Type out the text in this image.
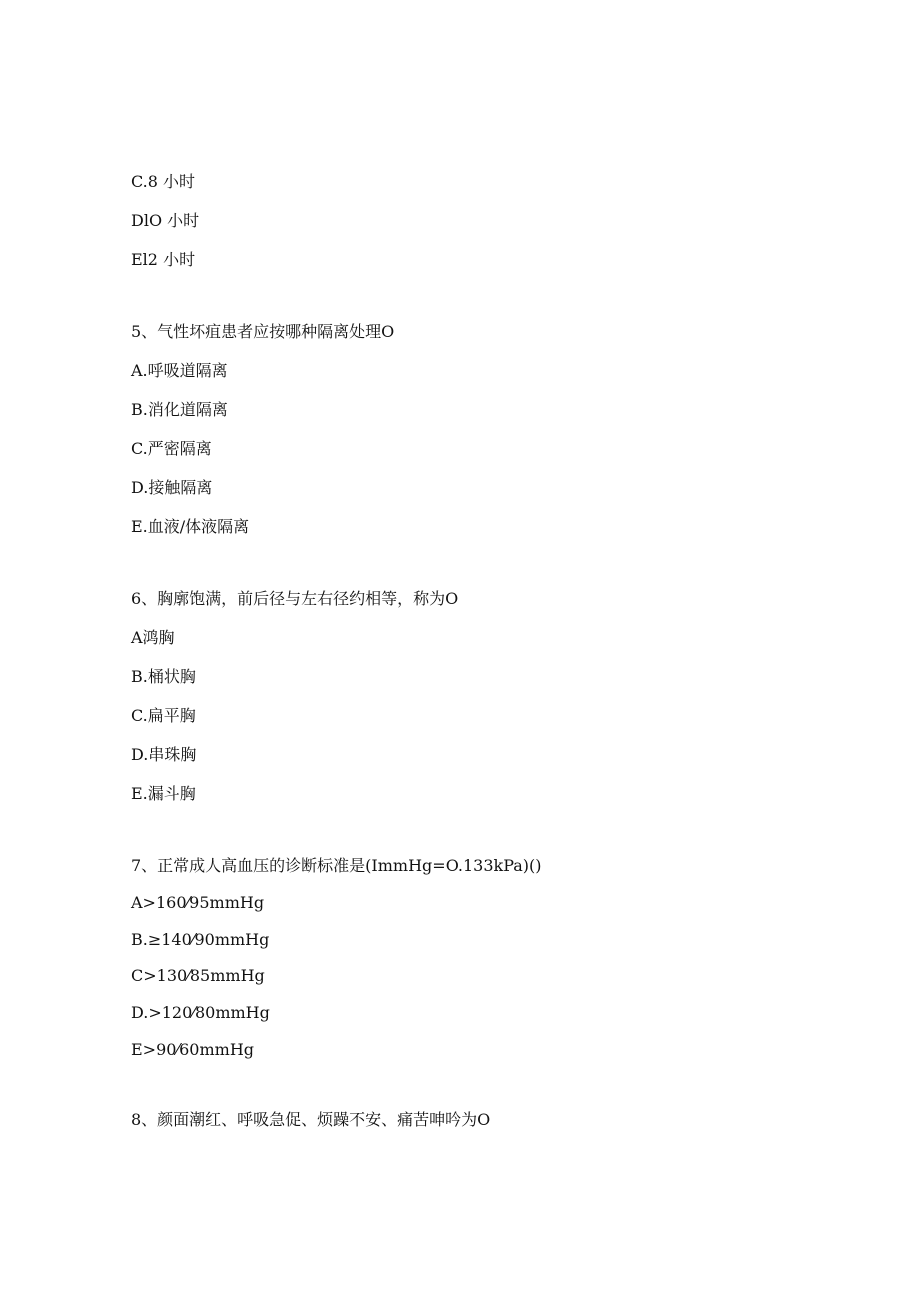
C.8 小时
DlO 小时
El2 小时
5、气性坏疽患者应按哪种隔离处理O
A.呼吸道隔离
B.消化道隔离
C.严密隔离
D.接触隔离
E.血液/体液隔离
6、胸廓饱满，前后径与左右径约相等，称为O
A鸿胸
B.桶状胸
C.扁平胸
D.串珠胸
E.漏斗胸
7、正常成人高血压的诊断标准是(ImmHg=O.133kPa)()
A>160⁄95mmHg
B.≥140⁄90mmHg
C>130⁄85mmHg
D.>120⁄80mmHg
E>90⁄60mmHg
8、颜面潮红、呼吸急促、烦躁不安、痛苦呻吟为O
